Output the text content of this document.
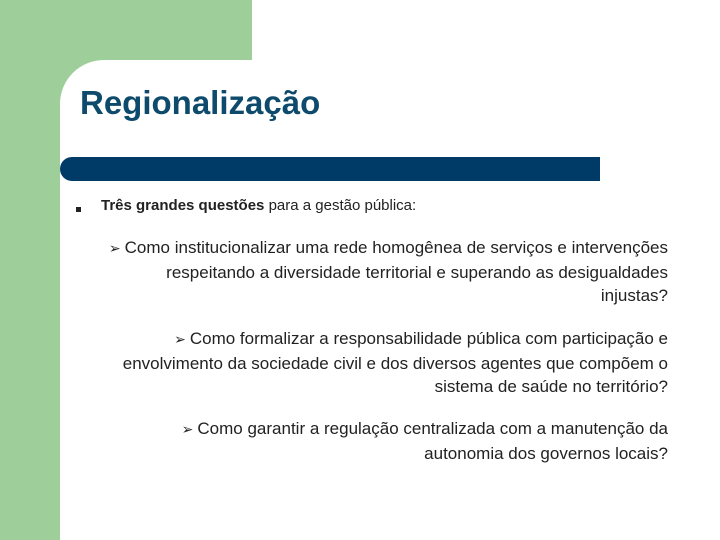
Regionalização
Três grandes questões para a gestão pública:
➢ Como institucionalizar uma rede homogênea de serviços e intervenções respeitando a diversidade territorial e superando as desigualdades injustas?
➢ Como formalizar a responsabilidade pública com participação e envolvimento da sociedade civil e dos diversos agentes que compõem o sistema de saúde no território?
➢ Como garantir a regulação centralizada com a manutenção da autonomia dos governos locais?
